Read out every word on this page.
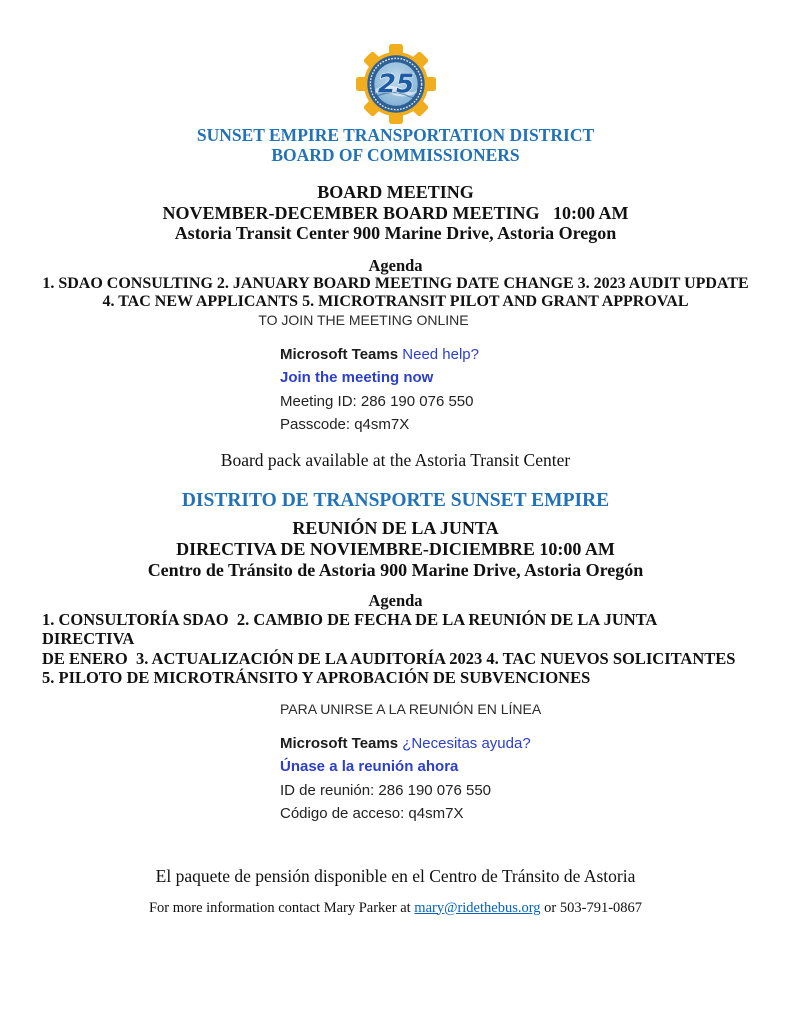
25
SUNSET EMPIRE TRANSPORTATION DISTRICT
BOARD OF COMMISSIONERS
BOARD MEETING
NOVEMBER-DECEMBER BOARD MEETING   10:00 AM
Astoria Transit Center 900 Marine Drive, Astoria Oregon
Agenda
1. SDAO CONSULTING 2. JANUARY BOARD MEETING DATE CHANGE 3. 2023 AUDIT UPDATE
4. TAC NEW APPLICANTS 5. MICROTRANSIT PILOT AND GRANT APPROVAL
TO JOIN THE MEETING ONLINE
Microsoft Teams Need help?
Join the meeting now
Meeting ID: 286 190 076 550
Passcode: q4sm7X
Board pack available at the Astoria Transit Center
DISTRITO DE TRANSPORTE SUNSET EMPIRE
REUNIÓN DE LA JUNTA
DIRECTIVA DE NOVIEMBRE-DICIEMBRE 10:00 AM
Centro de Tránsito de Astoria 900 Marine Drive, Astoria Oregón
Agenda
1. CONSULTORÍA SDAO  2. CAMBIO DE FECHA DE LA REUNIÓN DE LA JUNTA DIRECTIVA
DE ENERO  3. ACTUALIZACIÓN DE LA AUDITORÍA 2023 4. TAC NUEVOS SOLICITANTES
5. PILOTO DE MICROTRÁNSITO Y APROBACIÓN DE SUBVENCIONES
PARA UNIRSE A LA REUNIÓN EN LÍNEA
Microsoft Teams ¿Necesitas ayuda?
Únase a la reunión ahora
ID de reunión: 286 190 076 550
Código de acceso: q4sm7X
El paquete de pensión disponible en el Centro de Tránsito de Astoria
For more information contact Mary Parker at mary@ridethebus.org or 503-791-0867
